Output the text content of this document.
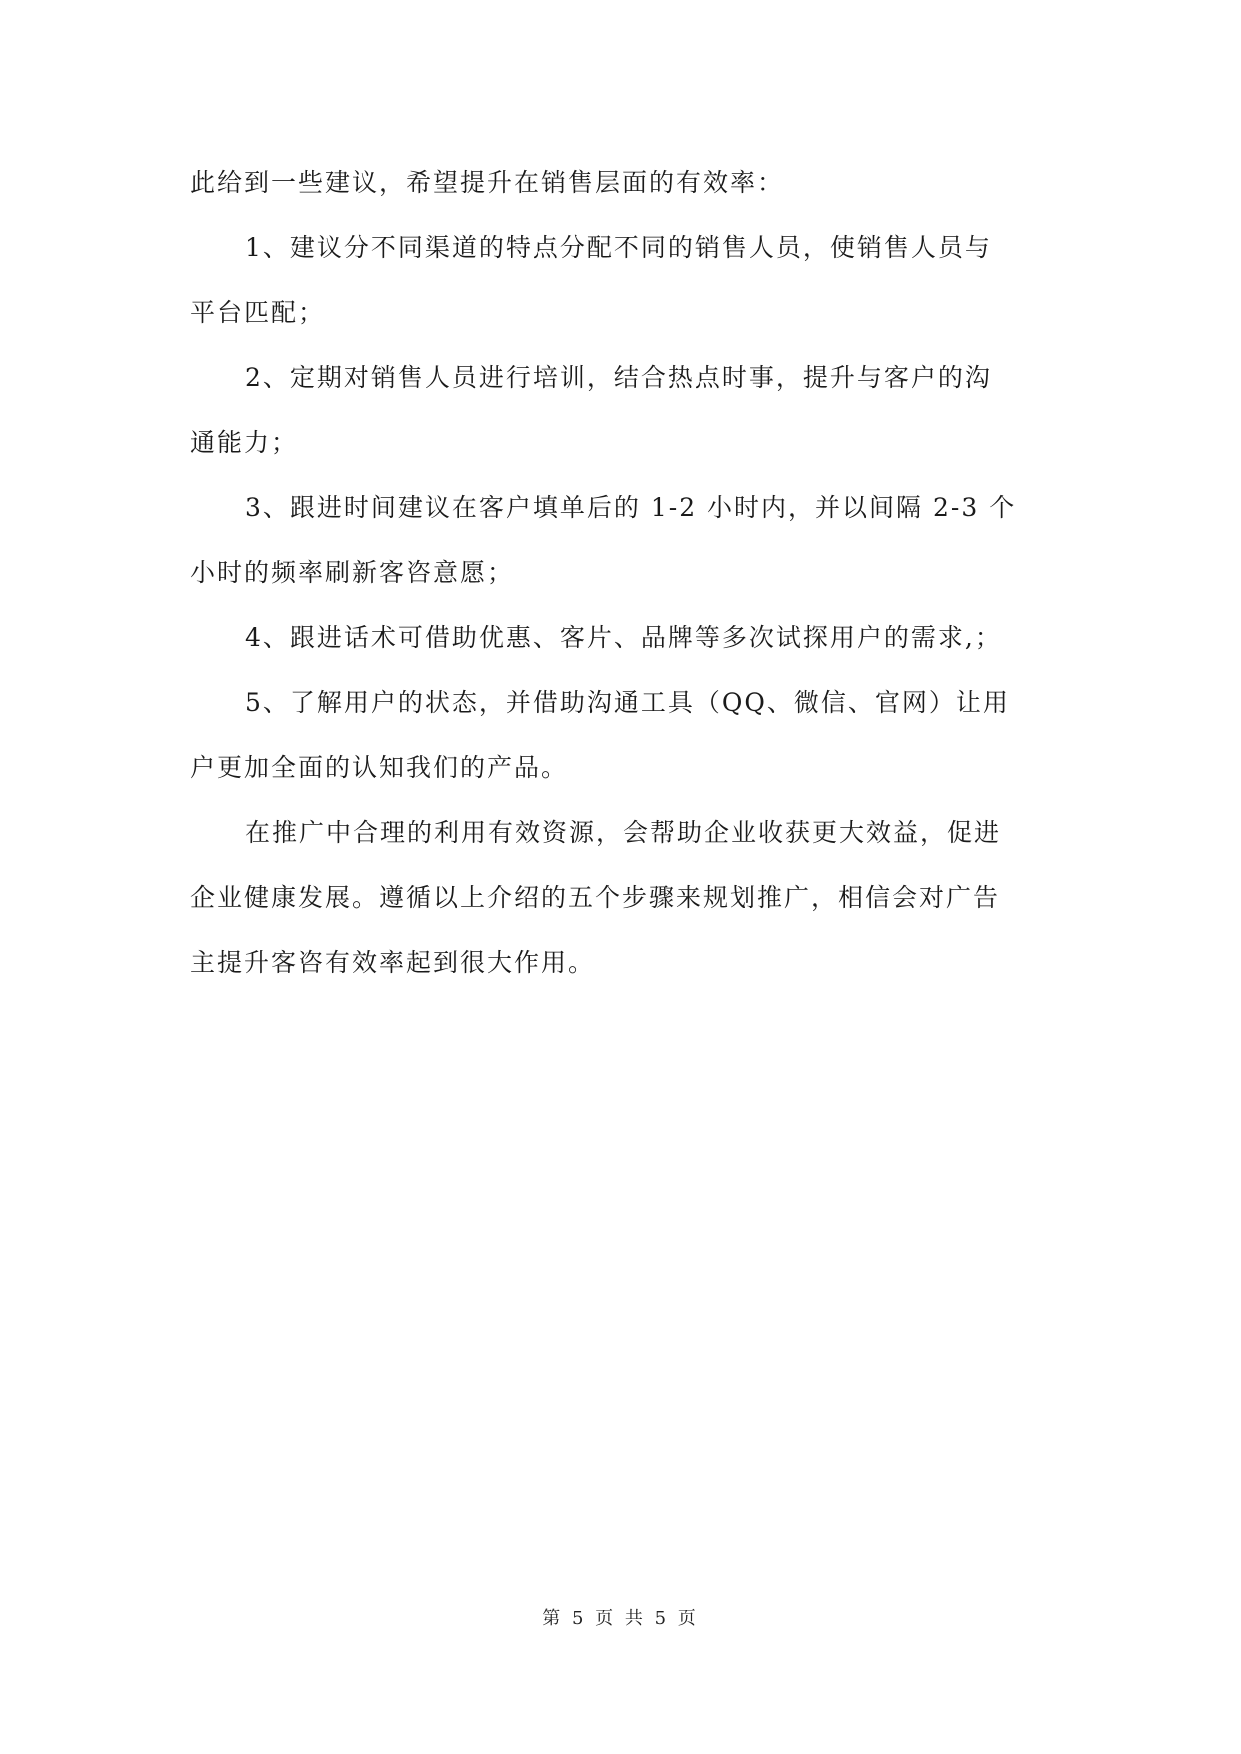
此给到一些建议，希望提升在销售层面的有效率：
1、建议分不同渠道的特点分配不同的销售人员，使销售人员与
平台匹配；
2、定期对销售人员进行培训，结合热点时事，提升与客户的沟
通能力；
3、跟进时间建议在客户填单后的 1-2 小时内，并以间隔 2-3 个
小时的频率刷新客咨意愿；
4、跟进话术可借助优惠、客片、品牌等多次试探用户的需求,；
5、了解用户的状态，并借助沟通工具（QQ、微信、官网）让用
户更加全面的认知我们的产品。
在推广中合理的利用有效资源，会帮助企业收获更大效益，促进
企业健康发展。遵循以上介绍的五个步骤来规划推广，相信会对广告
主提升客咨有效率起到很大作用。
第 5 页 共 5 页
